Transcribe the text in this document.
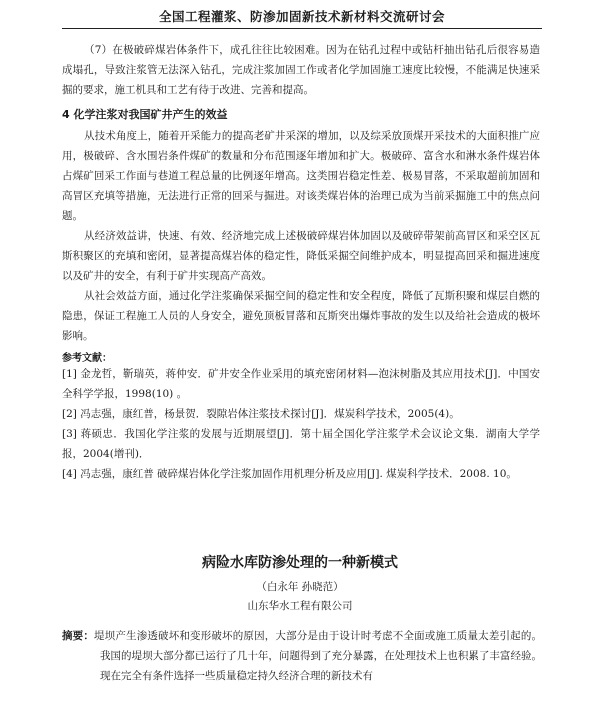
全国工程灌浆、防渗加固新技术新材料交流研讨会

（7）在极破碎煤岩体条件下，成孔往往比较困难。因为在钻孔过程中或钻杆抽出钻孔后很容易造成塌孔，导致注浆管无法深入钻孔，完成注浆加固工作或者化学加固施工速度比较慢，不能满足快速采掘的要求，施工机具和工艺有待于改进、完善和提高。

4 化学注浆对我国矿井产生的效益

从技术角度上，随着开采能力的提高老矿井采深的增加，以及综采放顶煤开采技术的大面积推广应用，极破碎、含水围岩条件煤矿的数量和分布范围逐年增加和扩大。极破碎、富含水和淋水条件煤岩体占煤矿回采工作面与巷道工程总量的比例逐年增高。这类围岩稳定性差、极易冒落，不采取超前加固和高冒区充填等措施，无法进行正常的回采与掘进。对该类煤岩体的治理已成为当前采掘施工中的焦点问题。

从经济效益讲，快速、有效、经济地完成上述极破碎煤岩体加固以及破碎带架前高冒区和采空区瓦斯积聚区的充填和密闭，显著提高煤岩体的稳定性，降低采掘空间维护成本，明显提高回采和掘进速度以及矿井的安全，有利于矿井实现高产高效。

从社会效益方面，通过化学注浆确保采掘空间的稳定性和安全程度，降低了瓦斯积聚和煤层自燃的隐患，保证工程施工人员的人身安全，避免顶板冒落和瓦斯突出爆炸事故的发生以及给社会造成的极坏影响。

参考文献：

[1] 金龙哲，靳瑞英，蒋仲安．矿井安全作业采用的填充密闭材料—泡沫树脂及其应用技术[J]．中国安全科学学报，1998(10) 。

[2] 冯志强，康红普，杨景贺．裂隙岩体注浆技术探讨[J]．煤炭科学技术，2005(4)。

[3] 蒋硕忠．我国化学注浆的发展与近期展望[J]．第十届全国化学注浆学术会议论文集．湖南大学学报，2004(增刊)．

[4] 冯志强，康红普 破碎煤岩体化学注浆加固作用机理分析及应用[J]. 煤炭科学技术．2008. 10。

病险水库防渗处理的一种新模式
（白永年 孙晓范）
山东华水工程有限公司

摘要：堤坝产生渗透破坏和变形破坏的原因，大部分是由于设计时考虑不全面或施工质量太差引起的。我国的堤坝大部分都已运行了几十年，问题得到了充分暴露，在处理技术上也积累了丰富经验。现在完全有条件选择一些质量稳定持久经济合理的新技术有
